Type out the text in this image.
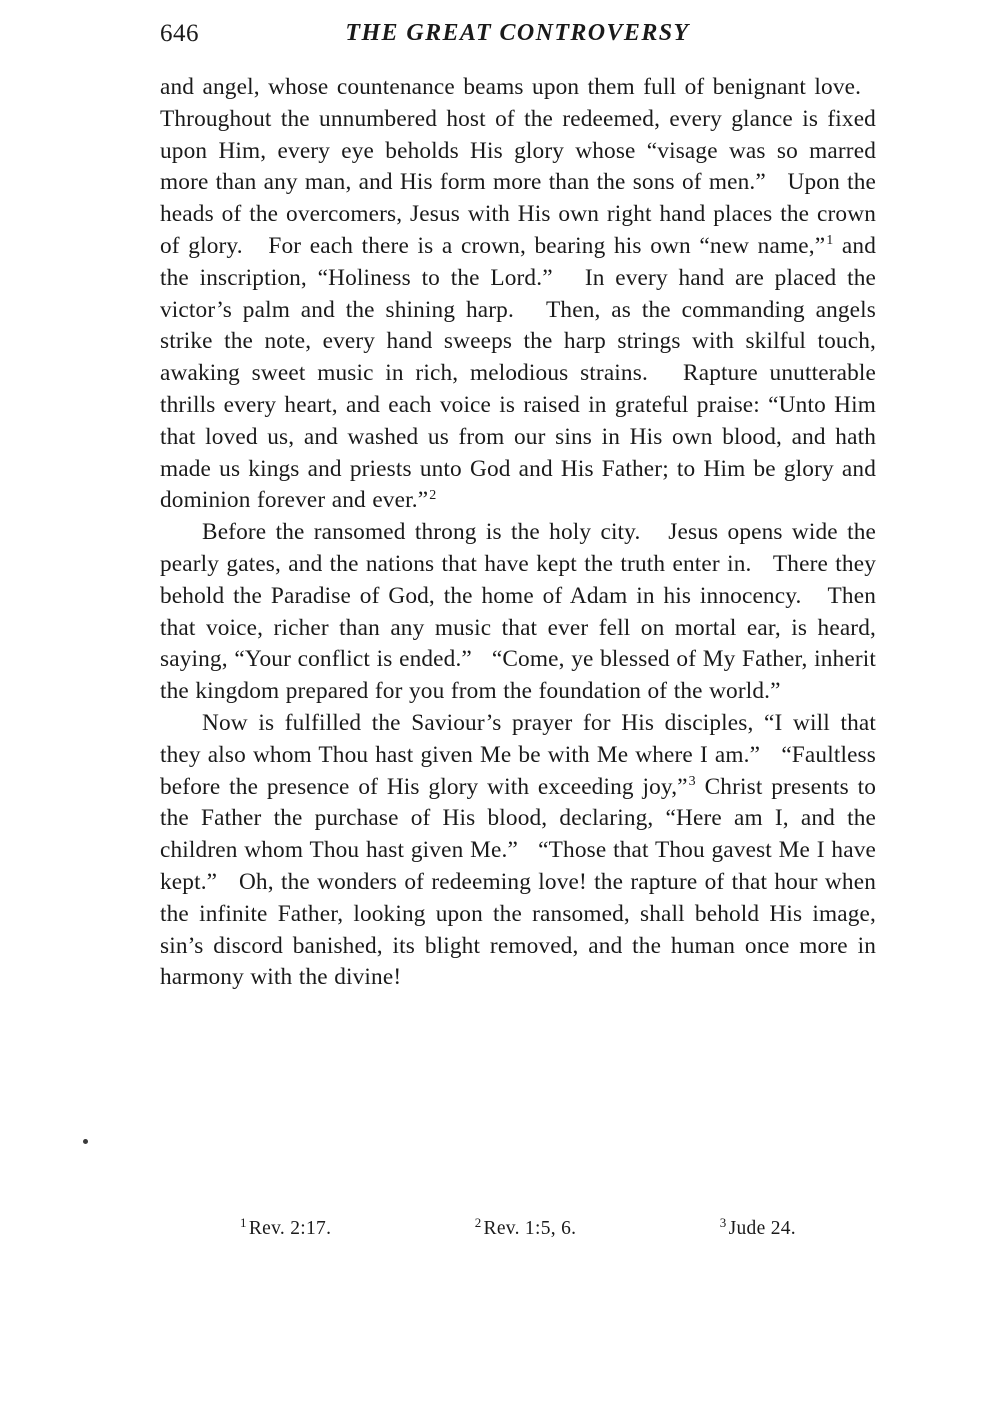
646	THE GREAT CONTROVERSY

and angel, whose countenance beams upon them full of benignant love.   Throughout the unnumbered host of the redeemed, every glance is fixed upon Him, every eye beholds His glory whose “visage was so marred more than any man, and His form more than the sons of men.”   Upon the heads of the overcomers, Jesus with His own right hand places the crown of glory.   For each there is a crown, bearing his own “new name,”$^1$ and the inscription, “Holiness to the Lord.”   In every hand are placed the victor’s palm and the shining harp.   Then, as the commanding angels strike the note, every hand sweeps the harp strings with skilful touch, awaking sweet music in rich, melodious strains.   Rapture unutterable thrills every heart, and each voice is raised in grateful praise: “Unto Him that loved us, and washed us from our sins in His own blood, and hath made us kings and priests unto God and His Father; to Him be glory and dominion forever and ever.”$^2$

Before the ransomed throng is the holy city.   Jesus opens wide the pearly gates, and the nations that have kept the truth enter in.   There they behold the Paradise of God, the home of Adam in his innocency.   Then that voice, richer than any music that ever fell on mortal ear, is heard, saying, “Your conflict is ended.”   “Come, ye blessed of My Father, inherit the kingdom prepared for you from the foundation of the world.”

Now is fulfilled the Saviour’s prayer for His disciples, “I will that they also whom Thou hast given Me be with Me where I am.”   “Faultless before the presence of His glory with exceeding joy,”$^3$ Christ presents to the Father the purchase of His blood, declaring, “Here am I, and the children whom Thou hast given Me.”   “Those that Thou gavest Me I have kept.”   Oh, the wonders of redeeming love! the rapture of that hour when the infinite Father, looking upon the ransomed, shall behold His image, sin’s discord banished, its blight removed, and the human once more in harmony with the divine!

$^1$ Rev. 2:17.	$^2$ Rev. 1:5, 6.	$^3$ Jude 24.
